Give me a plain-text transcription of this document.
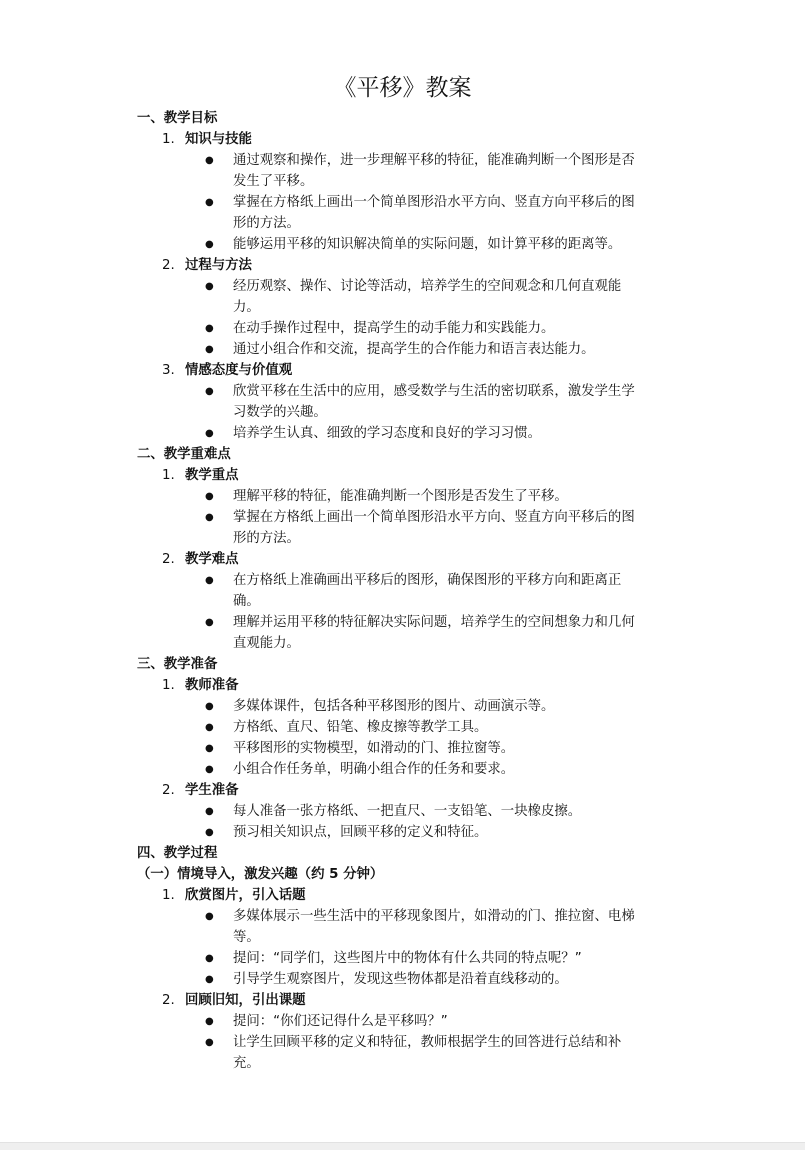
《平移》教案
一、教学目标
1. 知识与技能
● 通过观察和操作，进一步理解平移的特征，能准确判断一个图形是否
发生了平移。
● 掌握在方格纸上画出一个简单图形沿水平方向、竖直方向平移后的图
形的方法。
● 能够运用平移的知识解决简单的实际问题，如计算平移的距离等。
2. 过程与方法
● 经历观察、操作、讨论等活动，培养学生的空间观念和几何直观能
力。
● 在动手操作过程中，提高学生的动手能力和实践能力。
● 通过小组合作和交流，提高学生的合作能力和语言表达能力。
3. 情感态度与价值观
● 欣赏平移在生活中的应用，感受数学与生活的密切联系，激发学生学
习数学的兴趣。
● 培养学生认真、细致的学习态度和良好的学习习惯。
二、教学重难点
1. 教学重点
● 理解平移的特征，能准确判断一个图形是否发生了平移。
● 掌握在方格纸上画出一个简单图形沿水平方向、竖直方向平移后的图
形的方法。
2. 教学难点
● 在方格纸上准确画出平移后的图形，确保图形的平移方向和距离正
确。
● 理解并运用平移的特征解决实际问题，培养学生的空间想象力和几何
直观能力。
三、教学准备
1. 教师准备
● 多媒体课件，包括各种平移图形的图片、动画演示等。
● 方格纸、直尺、铅笔、橡皮擦等教学工具。
● 平移图形的实物模型，如滑动的门、推拉窗等。
● 小组合作任务单，明确小组合作的任务和要求。
2. 学生准备
● 每人准备一张方格纸、一把直尺、一支铅笔、一块橡皮擦。
● 预习相关知识点，回顾平移的定义和特征。
四、教学过程
（一）情境导入，激发兴趣（约 5 分钟）
1. 欣赏图片，引入话题
● 多媒体展示一些生活中的平移现象图片，如滑动的门、推拉窗、电梯
等。
● 提问：“同学们，这些图片中的物体有什么共同的特点呢？”
● 引导学生观察图片，发现这些物体都是沿着直线移动的。
2. 回顾旧知，引出课题
● 提问：“你们还记得什么是平移吗？”
● 让学生回顾平移的定义和特征，教师根据学生的回答进行总结和补
充。
